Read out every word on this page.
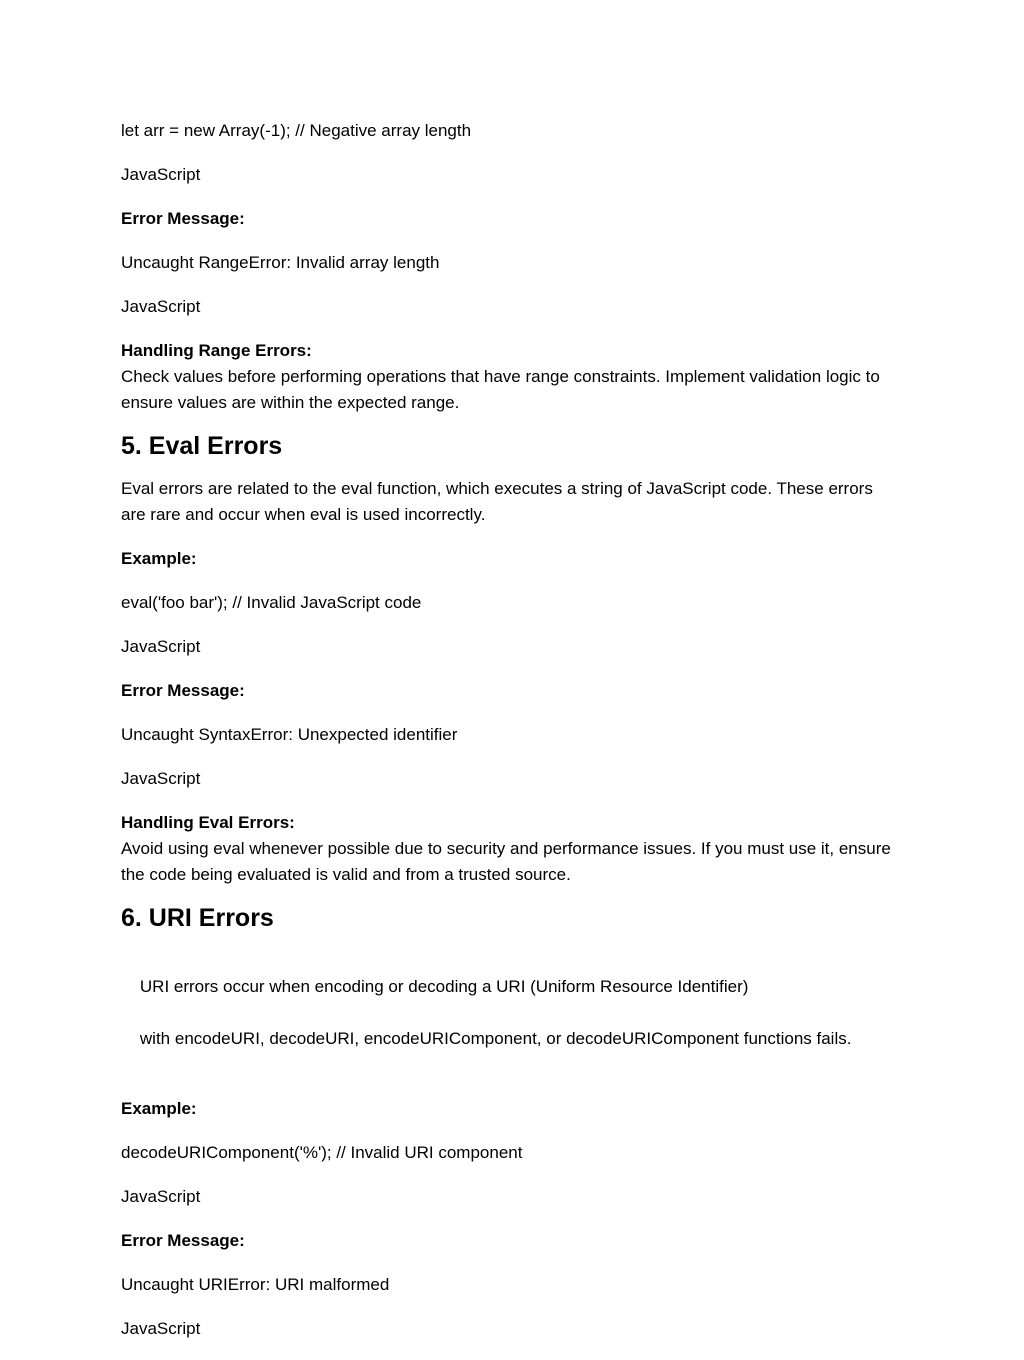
let arr = new Array(-1); // Negative array length

JavaScript

Error Message:

Uncaught RangeError: Invalid array length

JavaScript

Handling Range Errors:

Check values before performing operations that have range constraints. Implement validation logic to ensure values are within the expected range.

5. Eval Errors

Eval errors are related to the eval function, which executes a string of JavaScript code. These errors are rare and occur when eval is used incorrectly.

Example:

eval('foo bar'); // Invalid JavaScript code

JavaScript

Error Message:

Uncaught SyntaxError: Unexpected identifier

JavaScript

Handling Eval Errors:

Avoid using eval whenever possible due to security and performance issues. If you must use it, ensure the code being evaluated is valid and from a trusted source.

6. URI Errors

URI errors occur when encoding or decoding a URI (Uniform Resource Identifier)

with encodeURI, decodeURI, encodeURIComponent, or decodeURIComponent functions fails.

Example:

decodeURIComponent('%'); // Invalid URI component

JavaScript

Error Message:

Uncaught URIError: URI malformed

JavaScript
